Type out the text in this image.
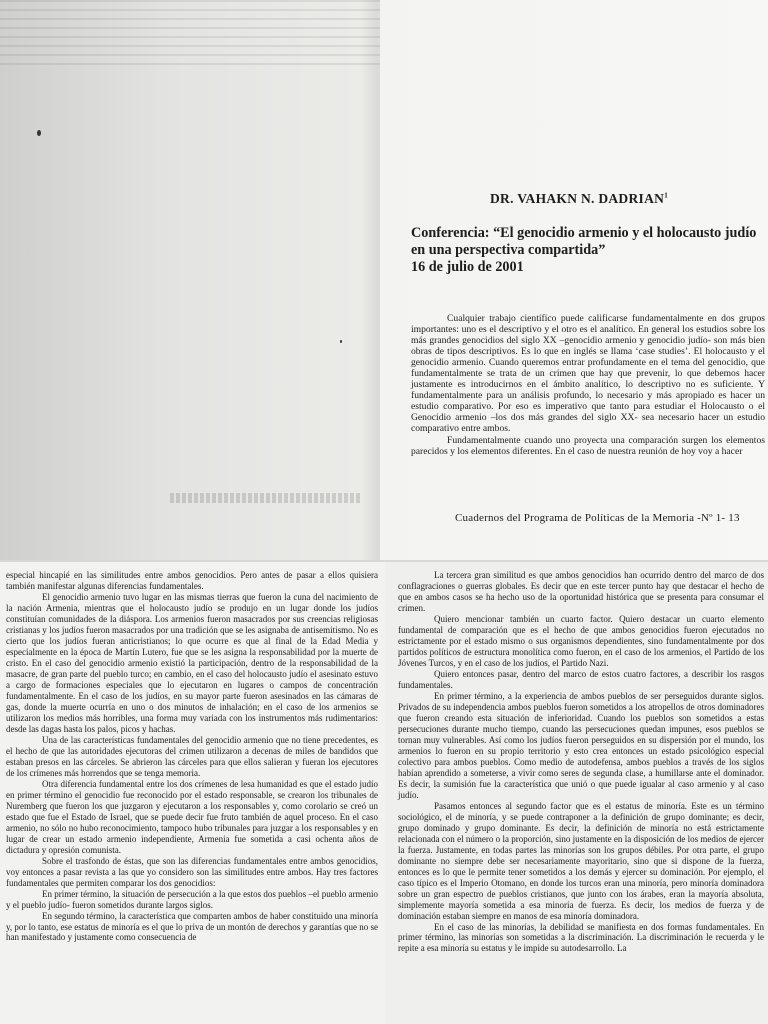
DR. VAHAKN N. DADRIAN$^1$
Conferencia: “El genocidio armenio y el holocausto judío
en una perspectiva compartida”
16 de julio de 2001

Cualquier trabajo científico puede calificarse fundamentalmente en dos grupos importantes: uno es el descriptivo y el otro es el analítico. En general los estudios sobre los más grandes genocidios del siglo XX –genocidio armenio y genocidio judío- son más bien obras de tipos descriptivos. Es lo que en inglés se llama ‘case studies’. El holocausto y el genocidio armenio. Cuando queremos entrar profundamente en el tema del genocidio, que fundamentalmente se trata de un crimen que hay que prevenir, lo que debemos hacer justamente es introducirnos en el ámbito analítico, lo descriptivo no es suficiente. Y fundamentalmente para un análisis profundo, lo necesario y más apropiado es hacer un estudio comparativo. Por eso es imperativo que tanto para estudiar el Holocausto o el Genocidio armenio –los dos más grandes del siglo XX- sea necesario hacer un estudio comparativo entre ambos.

Fundamentalmente cuando uno proyecta una comparación surgen los elementos parecidos y los elementos diferentes. En el caso de nuestra reunión de hoy voy a hacer

Cuadernos del Programa de Políticas de la Memoria -Nº 1- 13

especial hincapié en las similitudes entre ambos genocidios. Pero antes de pasar a ellos quisiera también manifestar algunas diferencias fundamentales.

El genocidio armenio tuvo lugar en las mismas tierras que fueron la cuna del nacimiento de la nación Armenia, mientras que el holocausto judío se produjo en un lugar donde los judíos constituían comunidades de la diáspora. Los armenios fueron masacrados por sus creencias religiosas cristianas y los judíos fueron masacrados por una tradición que se les asignaba de antisemitismo. No es cierto que los judíos fueran anticristianos; lo que ocurre es que al final de la Edad Media y especialmente en la época de Martín Lutero, fue que se les asigna la responsabilidad por la muerte de cristo. En el caso del genocidio armenio existió la participación, dentro de la responsabilidad de la masacre, de gran parte del pueblo turco; en cambio, en el caso del holocausto judío el asesinato estuvo a cargo de formaciones especiales que lo ejecutaron en lugares o campos de concentración fundamentalmente. En el caso de los judíos, en su mayor parte fueron asesinados en las cámaras de gas, donde la muerte ocurría en uno o dos minutos de inhalación; en el caso de los armenios se utilizaron los medios más horribles, una forma muy variada con los instrumentos más rudimentarios: desde las dagas hasta los palos, picos y hachas.

Una de las características fundamentales del genocidio armenio que no tiene precedentes, es el hecho de que las autoridades ejecutoras del crimen utilizaron a decenas de miles de bandidos que estaban presos en las cárceles. Se abrieron las cárceles para que ellos salieran y fueran los ejecutores de los crímenes más horrendos que se tenga memoria.

Otra diferencia fundamental entre los dos crímenes de lesa humanidad es que el estado judío en primer término el genocidio fue reconocido por el estado responsable, se crearon los tribunales de Nuremberg que fueron los que juzgaron y ejecutaron a los responsables y, como corolario se creó un estado que fue el Estado de Israel, que se puede decir fue fruto también de aquel proceso. En el caso armenio, no sólo no hubo reconocimiento, tampoco hubo tribunales para juzgar a los responsables y en lugar de crear un estado armenio independiente, Armenia fue sometida a casi ochenta años de dictadura y opresión comunista.

Sobre el trasfondo de éstas, que son las diferencias fundamentales entre ambos genocidios, voy entonces a pasar revista a las que yo considero son las similitudes entre ambos. Hay tres factores fundamentales que permiten comparar los dos genocidios:

En primer término, la situación de persecución a la que estos dos pueblos –el pueblo armenio y el pueblo judío- fueron sometidos durante largos siglos.

En segundo término, la característica que comparten ambos de haber constituido una minoría y, por lo tanto, ese estatus de minoría es el que lo priva de un montón de derechos y garantías que no se han manifestado y justamente como consecuencia de

La tercera gran similitud es que ambos genocidios han ocurrido dentro del marco de dos conflagraciones o guerras globales. Es decir que en este tercer punto hay que destacar el hecho de que en ambos casos se ha hecho uso de la oportunidad histórica que se presenta para consumar el crimen.

Quiero mencionar también un cuarto factor. Quiero destacar un cuarto elemento fundamental de comparación que es el hecho de que ambos genocidios fueron ejecutados no estrictamente por el estado mismo o sus organismos dependientes, sino fundamentalmente por dos partidos políticos de estructura monolítica como fueron, en el caso de los armenios, el Partido de los Jóvenes Turcos, y en el caso de los judíos, el Partido Nazi.

Quiero entonces pasar, dentro del marco de estos cuatro factores, a describir los rasgos fundamentales.

En primer término, a la experiencia de ambos pueblos de ser perseguidos durante siglos. Privados de su independencia ambos pueblos fueron sometidos a los atropellos de otros dominadores que fueron creando esta situación de inferioridad. Cuando los pueblos son sometidos a estas persecuciones durante mucho tiempo, cuando las persecuciones quedan impunes, esos pueblos se tornan muy vulnerables. Así como los judíos fueron perseguidos en su dispersión por el mundo, los armenios lo fueron en su propio territorio y esto crea entonces un estado psicológico especial colectivo para ambos pueblos. Como medio de autodefensa, ambos pueblos a través de los siglos habían aprendido a someterse, a vivir como seres de segunda clase, a humillarse ante el dominador. Es decir, la sumisión fue la característica que unió o que puede igualar al caso armenio y al caso judío.

Pasamos entonces al segundo factor que es el estatus de minoría. Este es un término sociológico, el de minoría, y se puede contraponer a la definición de grupo dominante; es decir, grupo dominado y grupo dominante. Es decir, la definición de minoría no está estrictamente relacionada con el número o la proporción, sino justamente en la disposición de los medios de ejercer la fuerza. Justamente, en todas partes las minorías son los grupos débiles. Por otra parte, el grupo dominante no siempre debe ser necesariamente mayoritario, sino que si dispone de la fuerza, entonces es lo que le permite tener sometidos a los demás y ejercer su dominación. Por ejemplo, el caso típico es el Imperio Otomano, en donde los turcos eran una minoría, pero minoría dominadora sobre un gran espectro de pueblos cristianos, que junto con los árabes, eran la mayoría absoluta, simplemente mayoría sometida a esa minoría de fuerza. Es decir, los medios de fuerza y de dominación estaban siempre en manos de esa minoría dominadora.

En el caso de las minorías, la debilidad se manifiesta en dos formas fundamentales. En primer término, las minorías son sometidas a la discriminación. La discriminación le recuerda y le repite a esa minoría su estatus y le impide su autodesarrollo. La
